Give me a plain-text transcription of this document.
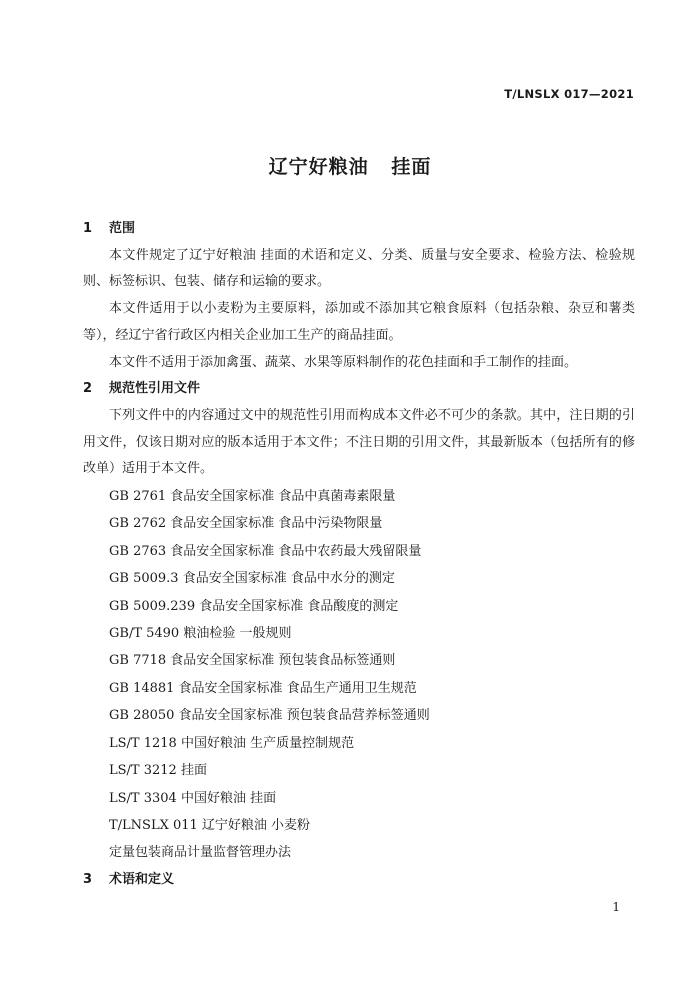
T/LNSLX 017—2021
辽宁好粮油   挂面
1	范围

本文件规定了辽宁好粮油 挂面的术语和定义、分类、质量与安全要求、检验方法、检验规则、标签标识、包装、储存和运输的要求。

本文件适用于以小麦粉为主要原料，添加或不添加其它粮食原料（包括杂粮、杂豆和薯类等），经辽宁省行政区内相关企业加工生产的商品挂面。

本文件不适用于添加禽蛋、蔬菜、水果等原料制作的花色挂面和手工制作的挂面。

2	规范性引用文件

下列文件中的内容通过文中的规范性引用而构成本文件必不可少的条款。其中，注日期的引用文件，仅该日期对应的版本适用于本文件；不注日期的引用文件，其最新版本（包括所有的修改单）适用于本文件。

GB 2761 食品安全国家标准 食品中真菌毒素限量

GB 2762 食品安全国家标准 食品中污染物限量

GB 2763 食品安全国家标准 食品中农药最大残留限量

GB 5009.3 食品安全国家标准 食品中水分的测定

GB 5009.239 食品安全国家标准 食品酸度的测定

GB/T 5490 粮油检验 一般规则

GB 7718 食品安全国家标准 预包装食品标签通则

GB 14881 食品安全国家标准 食品生产通用卫生规范

GB 28050 食品安全国家标准 预包装食品营养标签通则

LS/T 1218 中国好粮油 生产质量控制规范

LS/T 3212 挂面

LS/T 3304 中国好粮油 挂面

T/LNSLX 011 辽宁好粮油 小麦粉

定量包装商品计量监督管理办法

3	术语和定义
1
